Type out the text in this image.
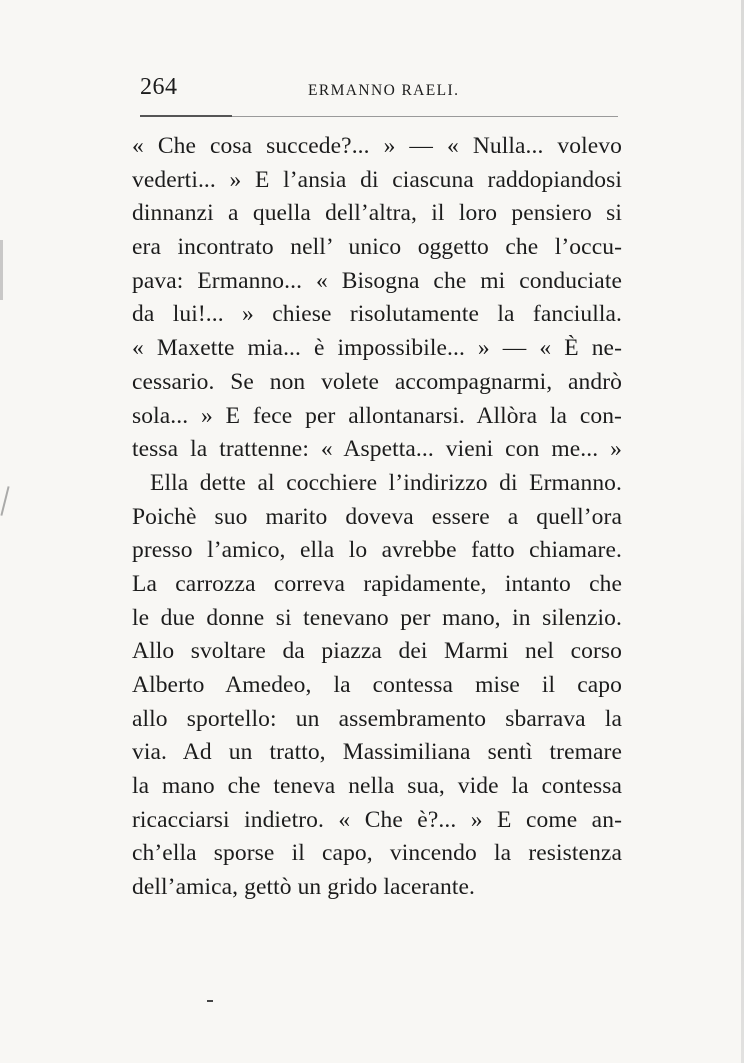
264	ERMANNO RAELI.
« Che cosa succede?... » — « Nulla... volevo
vederti... » E l’ansia di ciascuna raddopiandosi
dinnanzi a quella dell’altra, il loro pensiero si
era incontrato nell’ unico oggetto che l’occu-
pava: Ermanno... « Bisogna che mi conduciate
da lui!... » chiese risolutamente la fanciulla.
« Maxette mia... è impossibile... » — « È ne-
cessario. Se non volete accompagnarmi, andrò
sola... » E fece per allontanarsi. Allòra la con-
tessa la trattenne: « Aspetta... vieni con me... »
Ella dette al cocchiere l’indirizzo di Ermanno.
Poichè suo marito doveva essere a quell’ora
presso l’amico, ella lo avrebbe fatto chiamare.
La carrozza correva rapidamente, intanto che
le due donne si tenevano per mano, in silenzio.
Allo svoltare da piazza dei Marmi nel corso
Alberto Amedeo, la contessa mise il capo
allo sportello: un assembramento sbarrava la
via. Ad un tratto, Massimiliana sentì tremare
la mano che teneva nella sua, vide la contessa
ricacciarsi indietro. « Che è?... » E come an-
ch’ella sporse il capo, vincendo la resistenza
dell’amica, gettò un grido lacerante.
